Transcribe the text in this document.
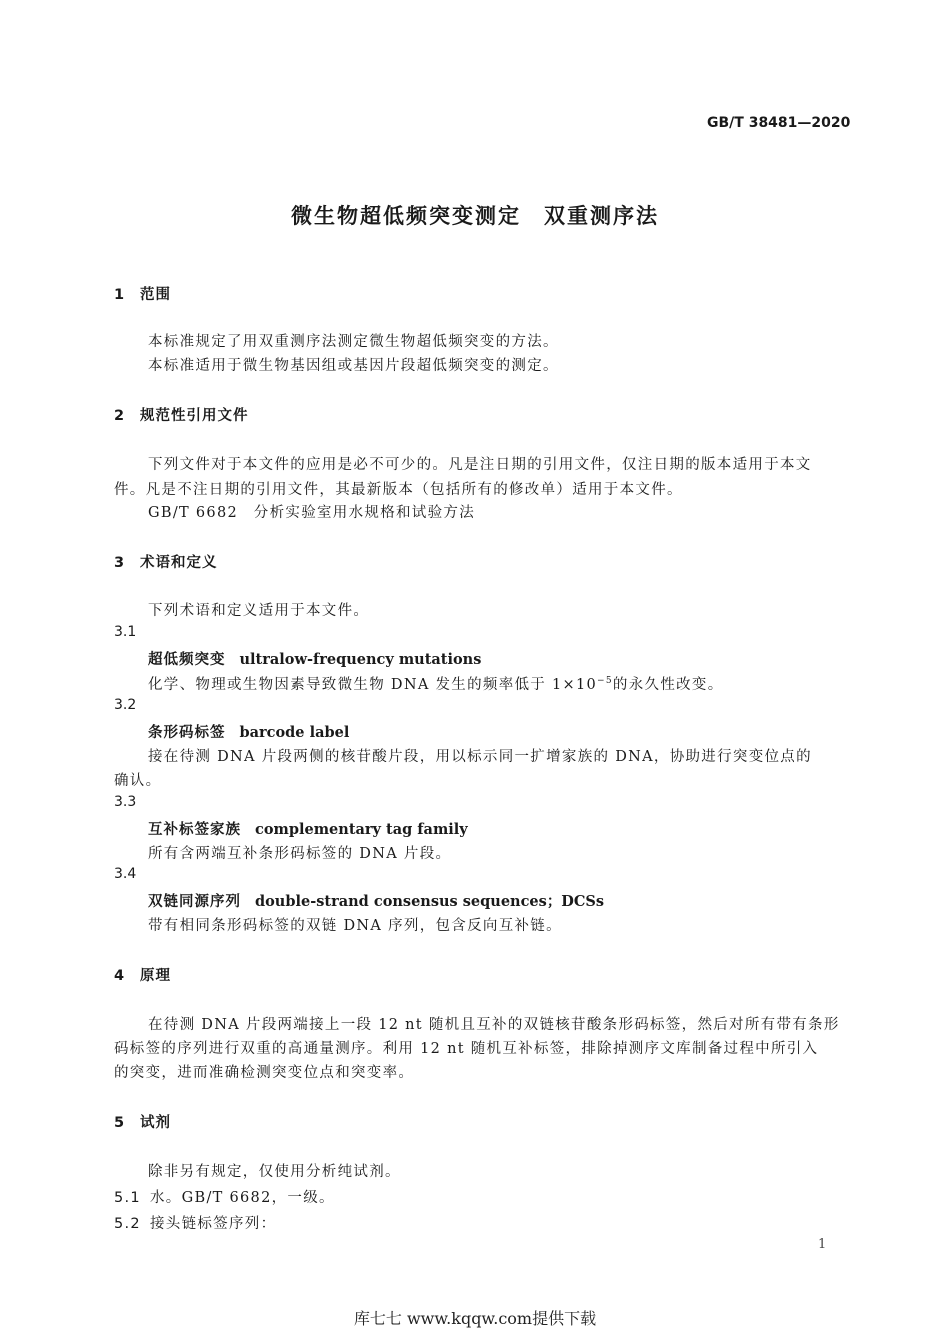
GB/T 38481—2020
微生物超低频突变测定　双重测序法
1 范围
本标准规定了用双重测序法测定微生物超低频突变的方法。
本标准适用于微生物基因组或基因片段超低频突变的测定。
2 规范性引用文件
下列文件对于本文件的应用是必不可少的。凡是注日期的引用文件，仅注日期的版本适用于本文
件。凡是不注日期的引用文件，其最新版本（包括所有的修改单）适用于本文件。
GB/T 6682　分析实验室用水规格和试验方法
3 术语和定义
下列术语和定义适用于本文件。
3.1
超低频突变 ultralow-frequency mutations
化学、物理或生物因素导致微生物 DNA 发生的频率低于 $1\times 10^{-5}$的永久性改变。
3.2
条形码标签 barcode label
接在待测 DNA 片段两侧的核苷酸片段，用以标示同一扩增家族的 DNA，协助进行突变位点的
确认。
3.3
互补标签家族 complementary tag family
所有含两端互补条形码标签的 DNA 片段。
3.4
双链同源序列 double-strand consensus sequences；DCSs
带有相同条形码标签的双链 DNA 序列，包含反向互补链。
4 原理
在待测 DNA 片段两端接上一段 12 nt 随机且互补的双链核苷酸条形码标签，然后对所有带有条形
码标签的序列进行双重的高通量测序。利用 12 nt 随机互补标签，排除掉测序文库制备过程中所引入
的突变，进而准确检测突变位点和突变率。
5 试剂
除非另有规定，仅使用分析纯试剂。
5.1 水。GB/T 6682，一级。
5.2 接头链标签序列：
1
库七七 www.kqqw.com提供下载
